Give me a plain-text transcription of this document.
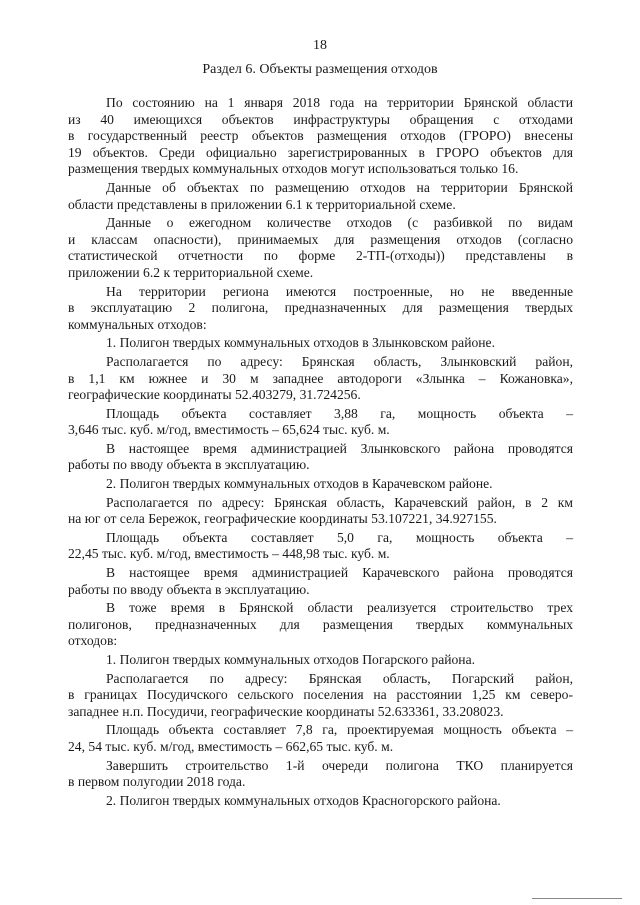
18
Раздел 6. Объекты размещения отходов
По состоянию на 1 января 2018 года на территории Брянской области
из 40 имеющихся объектов инфраструктуры обращения с отходами
в государственный реестр объектов размещения отходов (ГРОРО) внесены
19 объектов. Среди официально зарегистрированных в ГРОРО объектов для
размещения твердых коммунальных отходов могут использоваться только 16.
Данные об объектах по размещению отходов на территории Брянской
области представлены в приложении 6.1 к территориальной схеме.
Данные о ежегодном количестве отходов (с разбивкой по видам
и классам опасности), принимаемых для размещения отходов (согласно
статистической отчетности по форме 2-ТП-(отходы)) представлены в
приложении 6.2 к территориальной схеме.
На территории региона имеются построенные, но не введенные
в эксплуатацию 2 полигона, предназначенных для размещения твердых
коммунальных отходов:
1. Полигон твердых коммунальных отходов в Злынковском районе.
Располагается по адресу: Брянская область, Злынковский район,
в 1,1 км южнее и 30 м западнее автодороги «Злынка – Кожановка»,
географические координаты 52.403279, 31.724256.
Площадь объекта составляет 3,88 га, мощность объекта –
3,646 тыс. куб. м/год, вместимость – 65,624 тыс. куб. м.
В настоящее время администрацией Злынковского района проводятся
работы по вводу объекта в эксплуатацию.
2. Полигон твердых коммунальных отходов в Карачевском районе.
Располагается по адресу: Брянская область, Карачевский район, в 2 км
на юг от села Бережок, географические координаты 53.107221, 34.927155.
Площадь объекта составляет 5,0 га, мощность объекта –
22,45 тыс. куб. м/год, вместимость – 448,98 тыс. куб. м.
В настоящее время администрацией Карачевского района проводятся
работы по вводу объекта в эксплуатацию.
В тоже время в Брянской области реализуется строительство трех
полигонов, предназначенных для размещения твердых коммунальных
отходов:
1. Полигон твердых коммунальных отходов Погарского района.
Располагается по адресу: Брянская область, Погарский район,
в границах Посудичского сельского поселения на расстоянии 1,25 км северо-
западнее н.п. Посудичи, географические координаты 52.633361, 33.208023.
Площадь объекта составляет 7,8 га, проектируемая мощность объекта –
24, 54 тыс. куб. м/год, вместимость – 662,65 тыс. куб. м.
Завершить строительство 1-й очереди полигона ТКО планируется
в первом полугодии 2018 года.
2. Полигон твердых коммунальных отходов Красногорского района.
